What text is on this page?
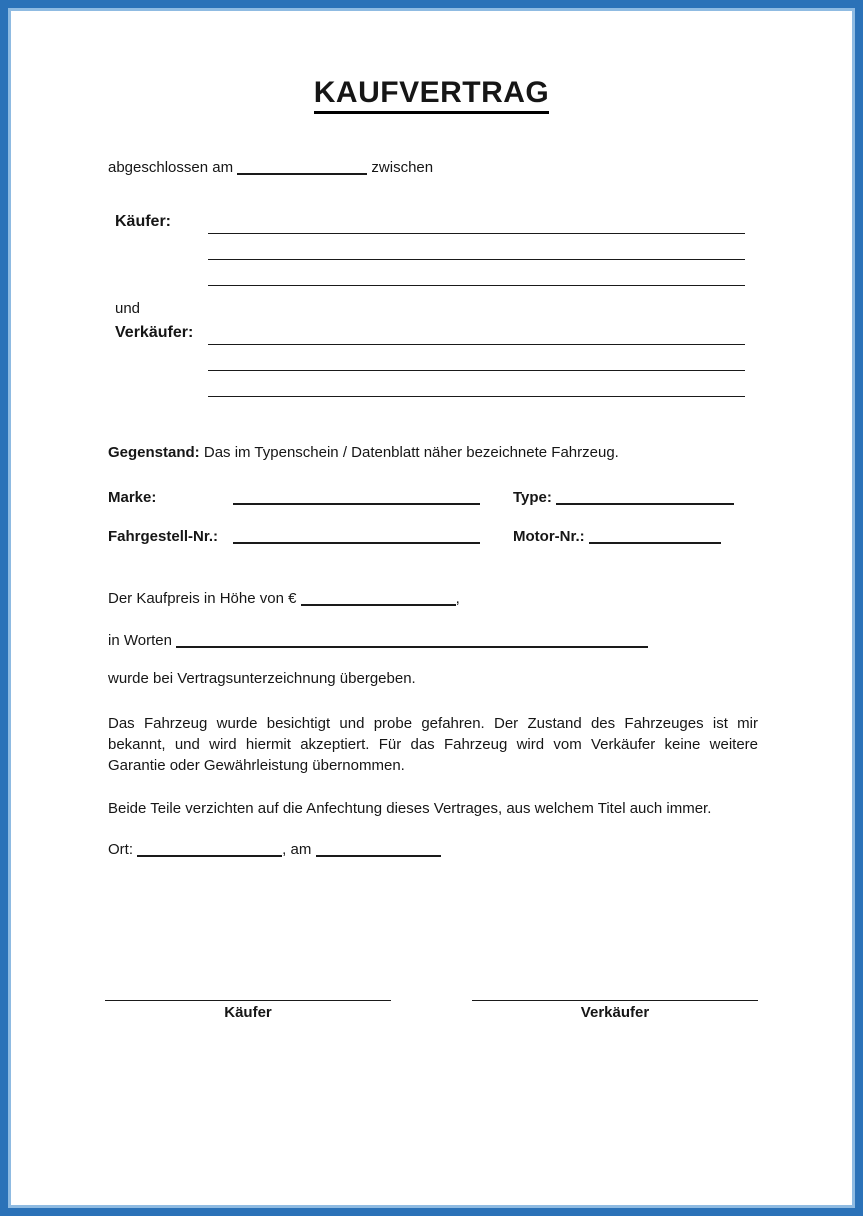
KAUFVERTRAG
abgeschlossen am	zwischen
Käufer:
und
Verkäufer:
Gegenstand: Das im Typenschein / Datenblatt näher bezeichnete Fahrzeug.
Marke:	Type:
Fahrgestell-Nr.:	Motor-Nr.:
Der Kaufpreis in Höhe von €	,
in Worten
wurde bei Vertragsunterzeichnung übergeben.

Das Fahrzeug wurde besichtigt und probe gefahren. Der Zustand des Fahrzeuges ist mir bekannt, und wird hiermit akzeptiert. Für das Fahrzeug wird vom Verkäufer keine weitere Garantie oder Gewährleistung übernommen.

Beide Teile verzichten auf die Anfechtung dieses Vertrages, aus welchem Titel auch immer.

Ort:	, am
Käufer	Verkäufer
